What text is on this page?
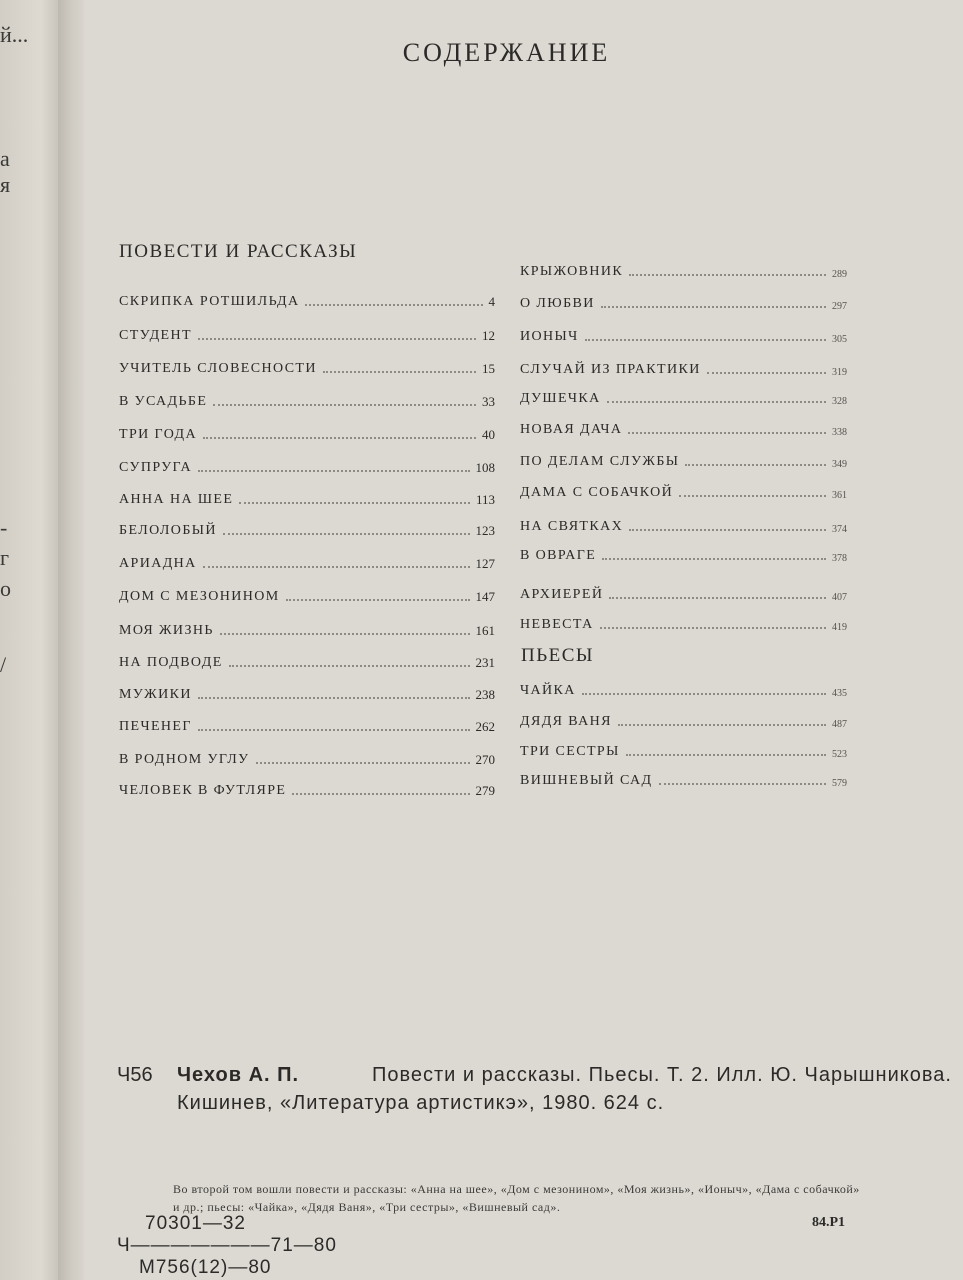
й...
а
я
-
г
о
/
СОДЕРЖАНИЕ
ПОВЕСТИ И РАССКАЗЫ
СКРИПКА РОТШИЛЬДА	4
СТУДЕНТ	12
УЧИТЕЛЬ СЛОВЕСНОСТИ	15
В УСАДЬБЕ	33
ТРИ ГОДА	40
СУПРУГА	108
АННА НА ШЕЕ	113
БЕЛОЛОБЫЙ	123
АРИАДНА	127
ДОМ С МЕЗОНИНОМ	147
МОЯ ЖИЗНЬ	161
НА ПОДВОДЕ	231
МУЖИКИ	238
ПЕЧЕНЕГ	262
В РОДНОМ УГЛУ	270
ЧЕЛОВЕК В ФУТЛЯРЕ	279
КРЫЖОВНИК	289
О ЛЮБВИ	297
ИОНЫЧ	305
СЛУЧАЙ ИЗ ПРАКТИКИ	319
ДУШЕЧКА	328
НОВАЯ ДАЧА	338
ПО ДЕЛАМ СЛУЖБЫ	349
ДАМА С СОБАЧКОЙ	361
НА СВЯТКАХ	374
В ОВРАГЕ	378
АРХИЕРЕЙ	407
НЕВЕСТА	419
ПЬЕСЫ
ЧАЙКА	435
ДЯДЯ ВАНЯ	487
ТРИ СЕСТРЫ	523
ВИШНЕВЫЙ САД	579
Ч56 Чехов А. П.	Повести и рассказы. Пьесы. Т. 2. Илл. Ю. Чарышникова.
Кишинев, «Литература артистикэ», 1980. 624 с.
Во второй том вошли повести и рассказы: «Анна на шее», «Дом с мезонином», «Моя жизнь», «Ионыч», «Дама с собачкой» и др.; пьесы: «Чайка», «Дядя Ваня», «Три сестры», «Вишневый сад».
84.Р1
70301—32
Ч———————71—80
М756(12)—80
